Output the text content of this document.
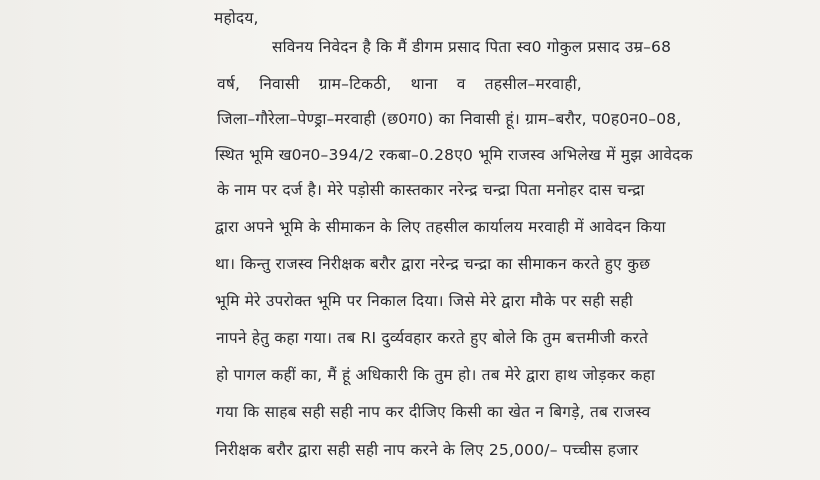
महोदय,
सविनय निवेदन है कि मैं डीगम प्रसाद पिता स्व0 गोकुल प्रसाद उम्र–68
वर्ष, निवासी ग्राम–टिकठी, थाना व तहसील–मरवाही,
जिला–गौरेला–पेण्ड्रा–मरवाही (छ0ग0) का निवासी हूं। ग्राम–बरौर, प0ह0न0–08,
स्थित भूमि ख0न0–394/2 रकबा–0.28ए0 भूमि राजस्व अभिलेख में मुझ आवेदक
के नाम पर दर्ज है। मेरे पड़ोसी कास्तकार नरेन्द्र चन्द्रा पिता मनोहर दास चन्द्रा
द्वारा अपने भूमि के सीमाकन के लिए तहसील कार्यालय मरवाही में आवेदन किया
था। किन्तु राजस्व निरीक्षक बरौर द्वारा नरेन्द्र चन्द्रा का सीमाकन करते हुए कुछ
भूमि मेरे उपरोक्त भूमि पर निकाल दिया। जिसे मेरे द्वारा मौके पर सही सही
नापने हेतु कहा गया। तब RI दुर्व्यवहार करते हुए बोले कि तुम बत्तमीजी करते
हो पागल कहीं का, मैं हूं अधिकारी कि तुम हो। तब मेरे द्वारा हाथ जोड़कर कहा
गया कि साहब सही सही नाप कर दीजिए किसी का खेत न बिगड़े, तब राजस्व
निरीक्षक बरौर द्वारा सही सही नाप करने के लिए 25,000/– पच्चीस हजार
